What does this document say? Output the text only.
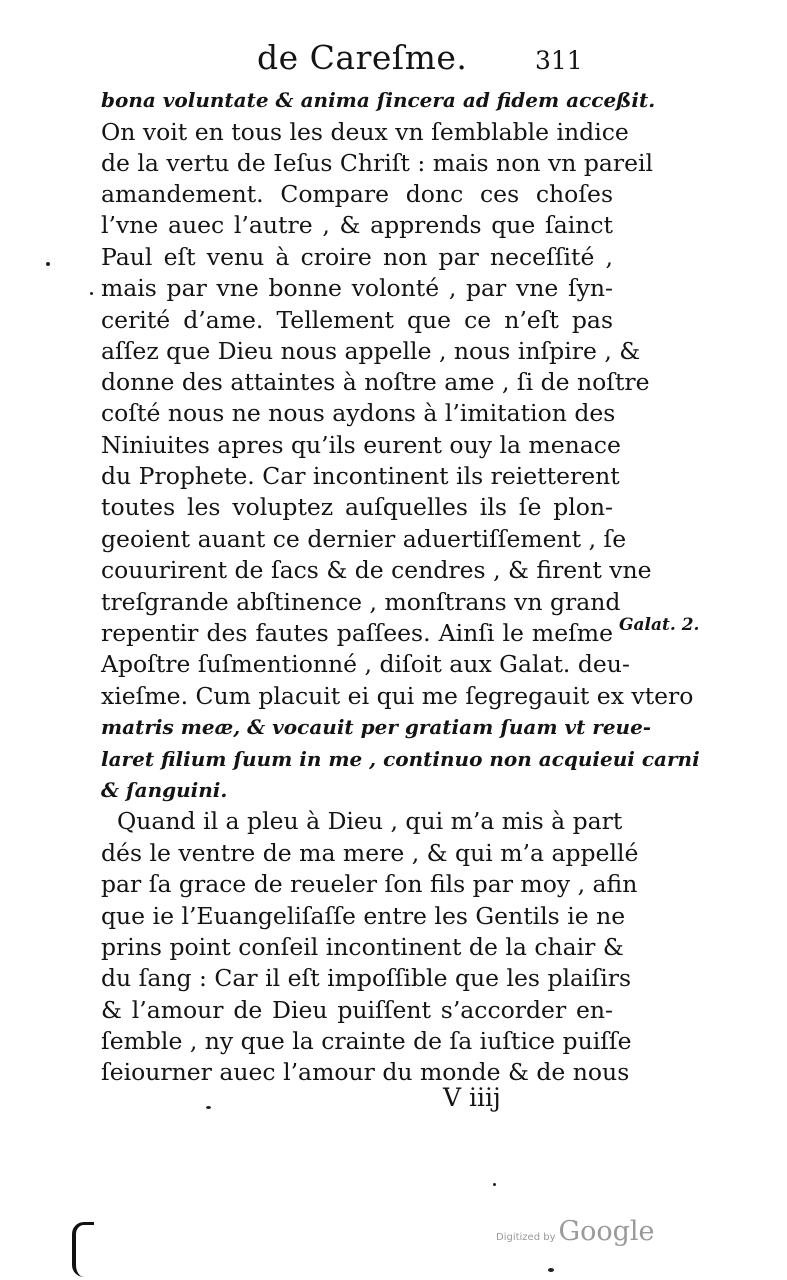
de Careſme.	311
bona voluntate & anima ſincera ad fidem acceßit.
On voit en tous les deux vn ſemblable indice
de la vertu de Ieſus Chriſt : mais non vn pareil
amandement. Compare donc ces choſes
l’vne auec l’autre , & apprends que ſainct
Paul eſt venu à croire non par neceſſité ,
mais par vne bonne volonté , par vne ſyn-
cerité d’ame. Tellement que ce n’eſt pas
aſſez que Dieu nous appelle , nous inſpire , &
donne des attaintes à noſtre ame , ſi de noſtre
coſté nous ne nous aydons à l’imitation des
Niniuites apres qu’ils eurent ouy la menace
du Prophete. Car incontinent ils reietterent
toutes les voluptez auſquelles ils ſe plon-
geoient auant ce dernier aduertiſſement , ſe
couurirent de ſacs & de cendres , & firent vne
treſgrande abſtinence , monſtrans vn grand
repentir des fautes paſſees. Ainſi le meſme
Apoſtre ſuſmentionné , diſoit aux Galat. deu-
xieſme. Cum placuit ei qui me ſegregauit ex vtero
matris meæ, & vocauit per gratiam ſuam vt reue-
laret filium ſuum in me , continuo non acquieui carni
& ſanguini.
Quand il a pleu à Dieu , qui m’a mis à part
dés le ventre de ma mere , & qui m’a appellé
par ſa grace de reueler ſon fils par moy , afin
que ie l’Euangeliſaſſe entre les Gentils ie ne
prins point conſeil incontinent de la chair &
du ſang : Car il eſt impoſſible que les plaiſirs
& l’amour de Dieu puiſſent s’accorder en-
ſemble , ny que la crainte de ſa iuſtice puiſſe
ſeiourner auec l’amour du monde & de nous
Galat. 2.
V iiij
Digitized by Google
